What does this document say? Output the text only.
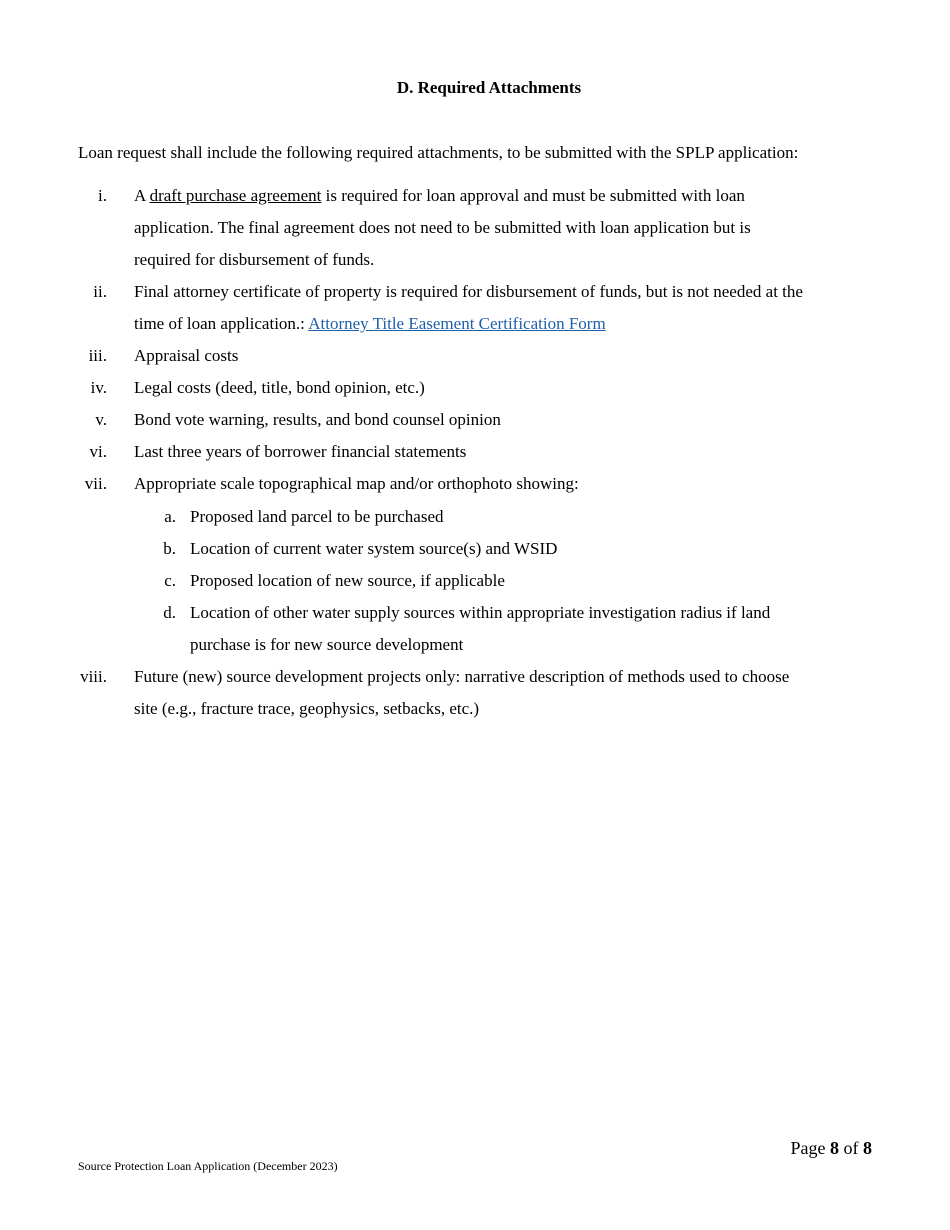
D. Required Attachments
Loan request shall include the following required attachments, to be submitted with the SPLP application:
i. A draft purchase agreement is required for loan approval and must be submitted with loan
application. The final agreement does not need to be submitted with loan application but is
required for disbursement of funds.
ii. Final attorney certificate of property is required for disbursement of funds, but is not needed at the
time of loan application.: Attorney Title Easement Certification Form
iii. Appraisal costs
iv. Legal costs (deed, title, bond opinion, etc.)
v. Bond vote warning, results, and bond counsel opinion
vi. Last three years of borrower financial statements
vii. Appropriate scale topographical map and/or orthophoto showing:
a. Proposed land parcel to be purchased
b. Location of current water system source(s) and WSID
c. Proposed location of new source, if applicable
d. Location of other water supply sources within appropriate investigation radius if land
purchase is for new source development
viii. Future (new) source development projects only: narrative description of methods used to choose
site (e.g., fracture trace, geophysics, setbacks, etc.)
Page 8 of 8
Source Protection Loan Application (December 2023)
